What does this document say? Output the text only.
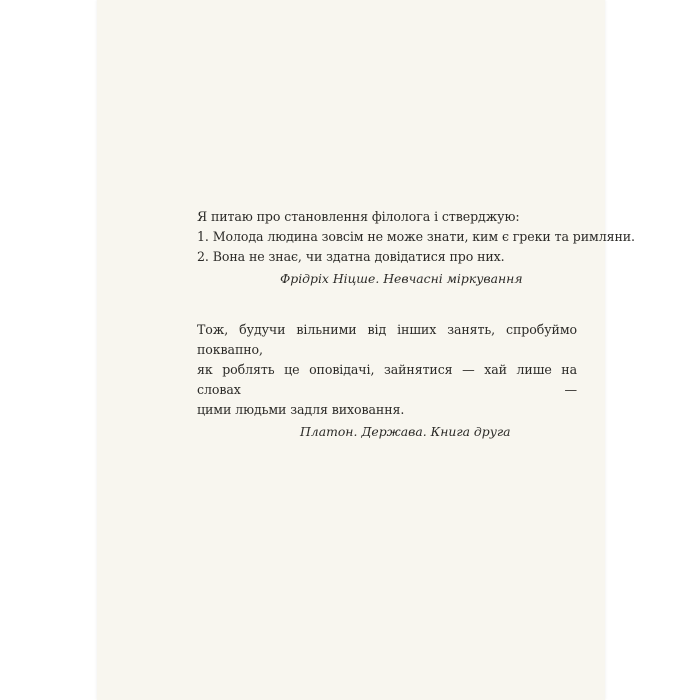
Я питаю про становлення філолога і стверджую:
1. Молода людина зовсім не може знати, ким є греки та римляни.
2. Вона не знає, чи здатна довідатися про них.
Фрідріх Ніцше. Невчасні міркування
Тож, будучи вільними від інших занять, спробуймо поквапно,
як роблять це оповідачі, зайнятися — хай лише на словах —
цими людьми задля виховання.
Платон. Держава. Книга друга
